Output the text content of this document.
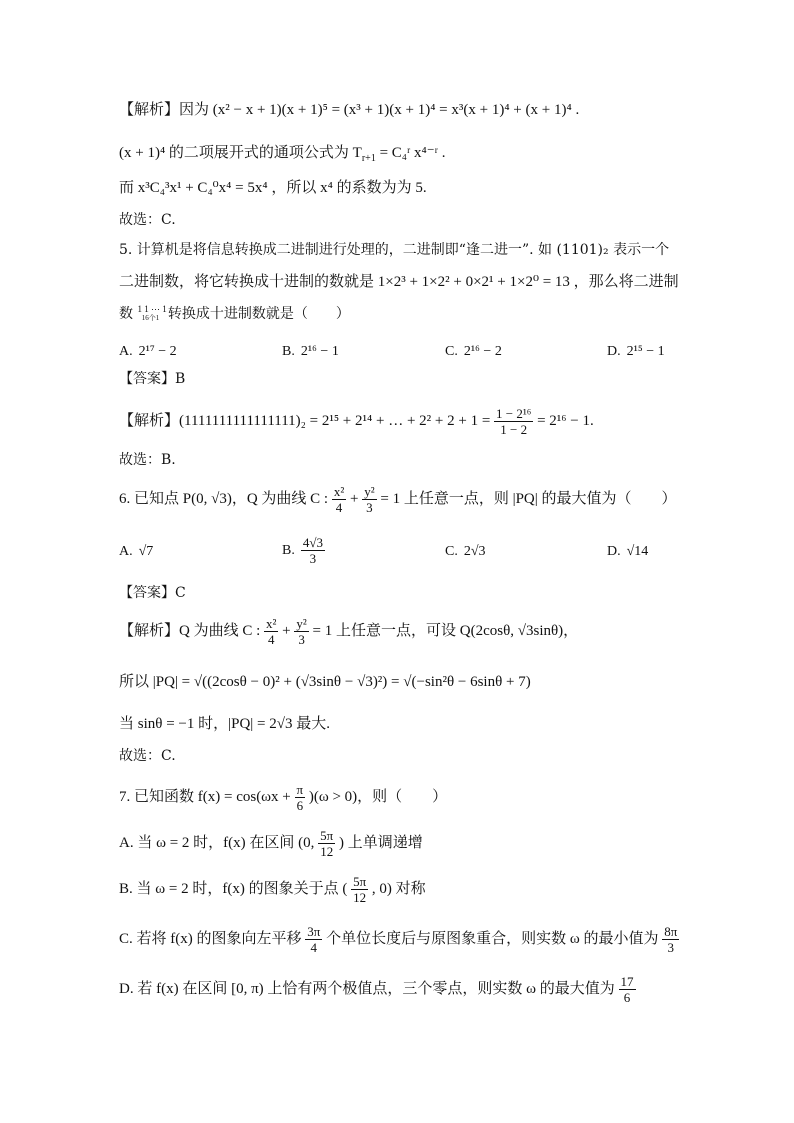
【解析】因为 (x² − x + 1)(x + 1)⁵ = (x³ + 1)(x + 1)⁴ = x³(x + 1)⁴ + (x + 1)⁴ .
(x + 1)⁴ 的二项展开式的通项公式为 $T_{r+1}$ = C₄ʳ x⁴⁻ʳ .
而 x³C₄³x¹ + C₄⁰x⁴ = 5x⁴ ，所以 x⁴ 的系数为为 5.
故选：C.
5. 计算机是将信息转换成二进制进行处理的，二进制即“逢二进一”. 如 (1101)₂ 表示一个
二进制数，将它转换成十进制的数就是 1×2³ + 1×2² + 0×2¹ + 1×2⁰ = 13 ，那么将二进制
数 1 1 ⋯ 1
16个1 转换成十进制数就是（　　）
A. 2¹⁷ − 2	B. 2¹⁶ − 1	C. 2¹⁶ − 2	D. 2¹⁵ − 1
【答案】B
【解析】(1111111111111111)₂ = 2¹⁵ + 2¹⁴ + … + $2^2 + 2 + 1 = \frac{\text{1 − 2¹⁶}}{1 - 2} = 2^{16} - 1$.
故选：B.
6. 已知点 P(0, √3)，Q 为曲线 C : $\frac{\text{x²}}{4} + \frac{\text{y²}}{3} = 1$ 上任意一点，则 |PQ| 的最大值为（　　）
A. √7	B. $\frac{4√3}{3}$	C. 2√3	D. √14
【答案】C
【解析】Q 为曲线 C : $\frac{\text{x²}}{4} + \frac{\text{y²}}{3} = 1$ 上任意一点，可设 Q(2cosθ, √3sinθ)，
所以 |PQ| = √((2cosθ − 0)² + (√3sinθ − √3)²) = √(−sin²θ − 6sinθ + 7)
当 sinθ = −1 时，|PQ| = 2√3 最大.
故选：C.
7. 已知函数 $f(x) = \cos(\omega x + \frac{\pi}{6} )(\omega > 0)$，则（　　）
A. 当 ω = 2 时，f(x) 在区间 (0, $\frac{5\pi}{12}$ ) 上单调递增
B. 当 ω = 2 时，f(x) 的图象关于点 ( $\frac{5\pi}{12}$ , 0) 对称
C. 若将 f(x) 的图象向左平移 $\frac{3\pi}{4}$ 个单位长度后与原图象重合，则实数 ω 的最小值为 $\frac{8\pi}{3}$
D. 若 f(x) 在区间 [0, π) 上恰有两个极值点，三个零点，则实数 ω 的最大值为 $\frac{17}{6}$
